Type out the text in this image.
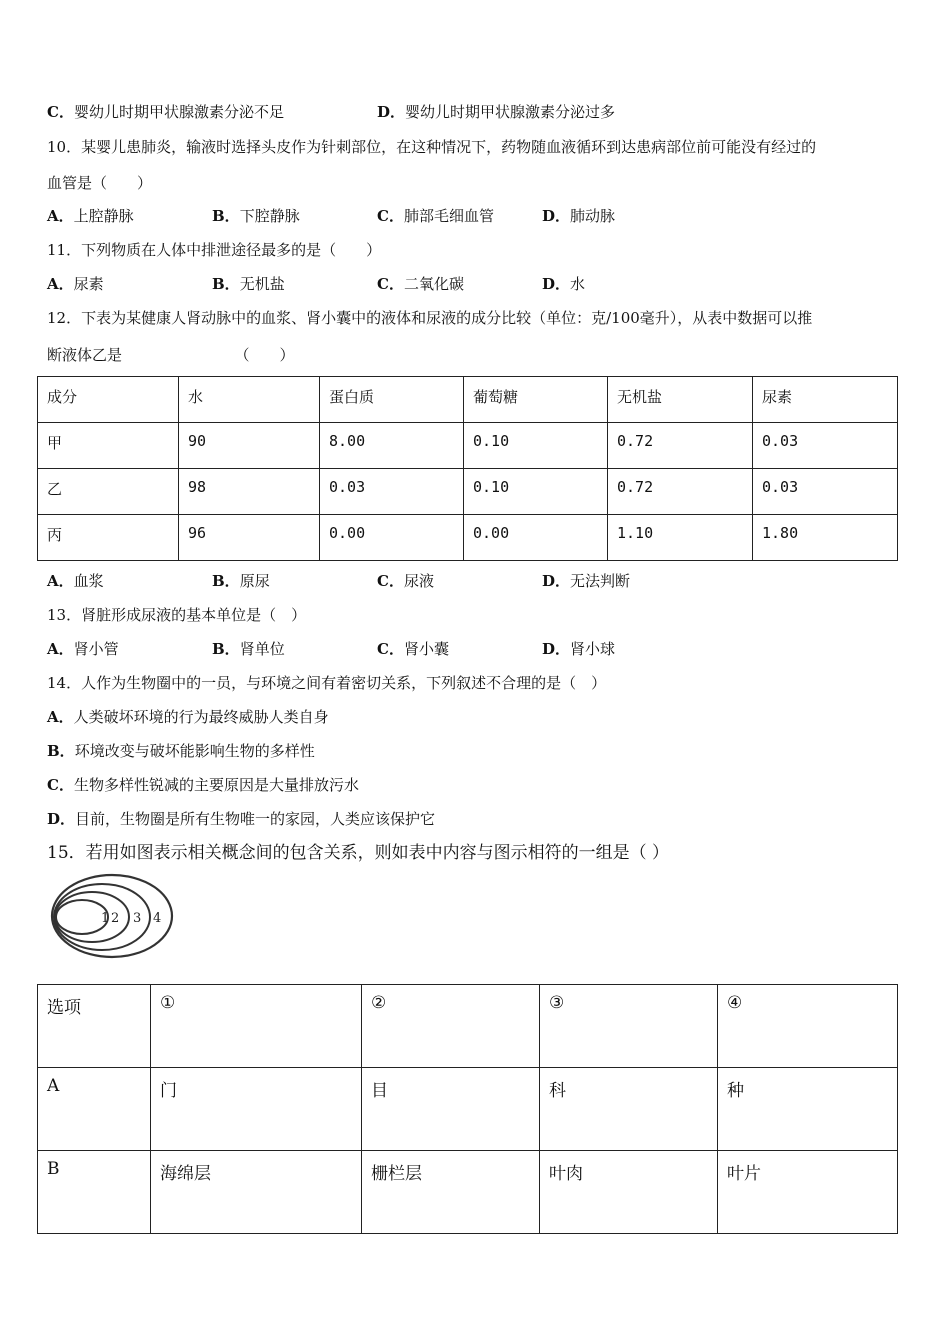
C．婴幼儿时期甲状腺激素分泌不足	D．婴幼儿时期甲状腺激素分泌过多
10．某婴儿患肺炎，输液时选择头皮作为针刺部位，在这种情况下，药物随血液循环到达患病部位前可能没有经过的
血管是（　　）
A．上腔静脉	B．下腔静脉	C．肺部毛细血管	D．肺动脉
11．下列物质在人体中排泄途径最多的是（　　）
A．尿素	B．无机盐	C．二氧化碳	D．水
12．下表为某健康人肾动脉中的血浆、肾小囊中的液体和尿液的成分比较（单位：克/100毫升），从表中数据可以推
断液体乙是　　　　　　　　（　　）
成分	水	蛋白质	葡萄糖	无机盐	尿素
甲	90	8.00	0.10	0.72	0.03
乙	98	0.03	0.10	0.72	0.03
丙	96	0.00	0.00	1.10	1.80
A．血浆	B．原尿	C．尿液	D．无法判断
13．肾脏形成尿液的基本单位是（　）
A．肾小管	B．肾单位	C．肾小囊	D．肾小球
14．人作为生物圈中的一员，与环境之间有着密切关系，下列叙述不合理的是（　）
A．人类破坏环境的行为最终威胁人类自身
B．环境改变与破坏能影响生物的多样性
C．生物多样性锐减的主要原因是大量排放污水
D．目前，生物圈是所有生物唯一的家园，人类应该保护它
15．若用如图表示相关概念间的包含关系，则如表中内容与图示相符的一组是（ ）
1 2 3 4
选项	①	②	③	④
A	门	目	科	种
B	海绵层	栅栏层	叶肉	叶片
